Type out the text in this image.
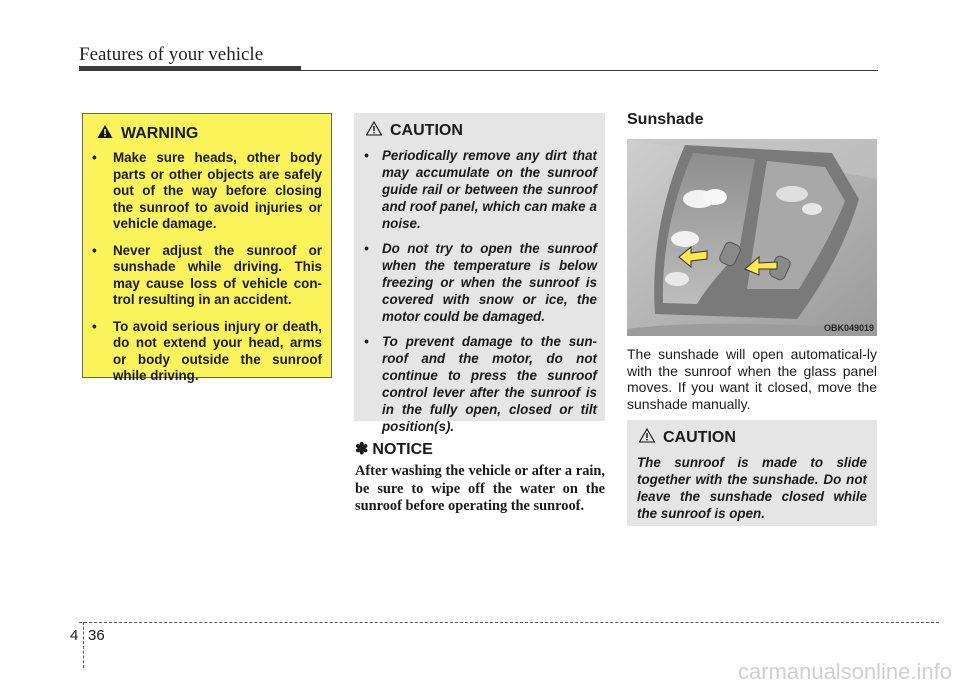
Features of your vehicle
WARNING
• Make sure heads, other body parts or other objects are safely out of the way before closing the sunroof to avoid injuries or vehicle damage.
• Never adjust the sunroof or sunshade while driving. This may cause loss of vehicle con-trol resulting in an accident.
• To avoid serious injury or death, do not extend your head, arms or body outside the sunroof while driving.
CAUTION
• Periodically remove any dirt that may accumulate on the sunroof guide rail or between the sunroof and roof panel, which can make a noise.
• Do not try to open the sunroof when the temperature is below freezing or when the sunroof is covered with snow or ice, the motor could be damaged.
• To prevent damage to the sun-roof and the motor, do not continue to press the sunroof control lever after the sunroof is in the fully open, closed or tilt position(s).
✽ NOTICE
After washing the vehicle or after a rain, be sure to wipe off the water on the sunroof before operating the sunroof.
Sunshade
OBK049019
The sunshade will open automatical-ly with the sunroof when the glass panel moves. If you want it closed, move the sunshade manually.
CAUTION
The sunroof is made to slide together with the sunshade. Do not leave the sunshade closed while the sunroof is open.
4 36
carmanualsonline.info
